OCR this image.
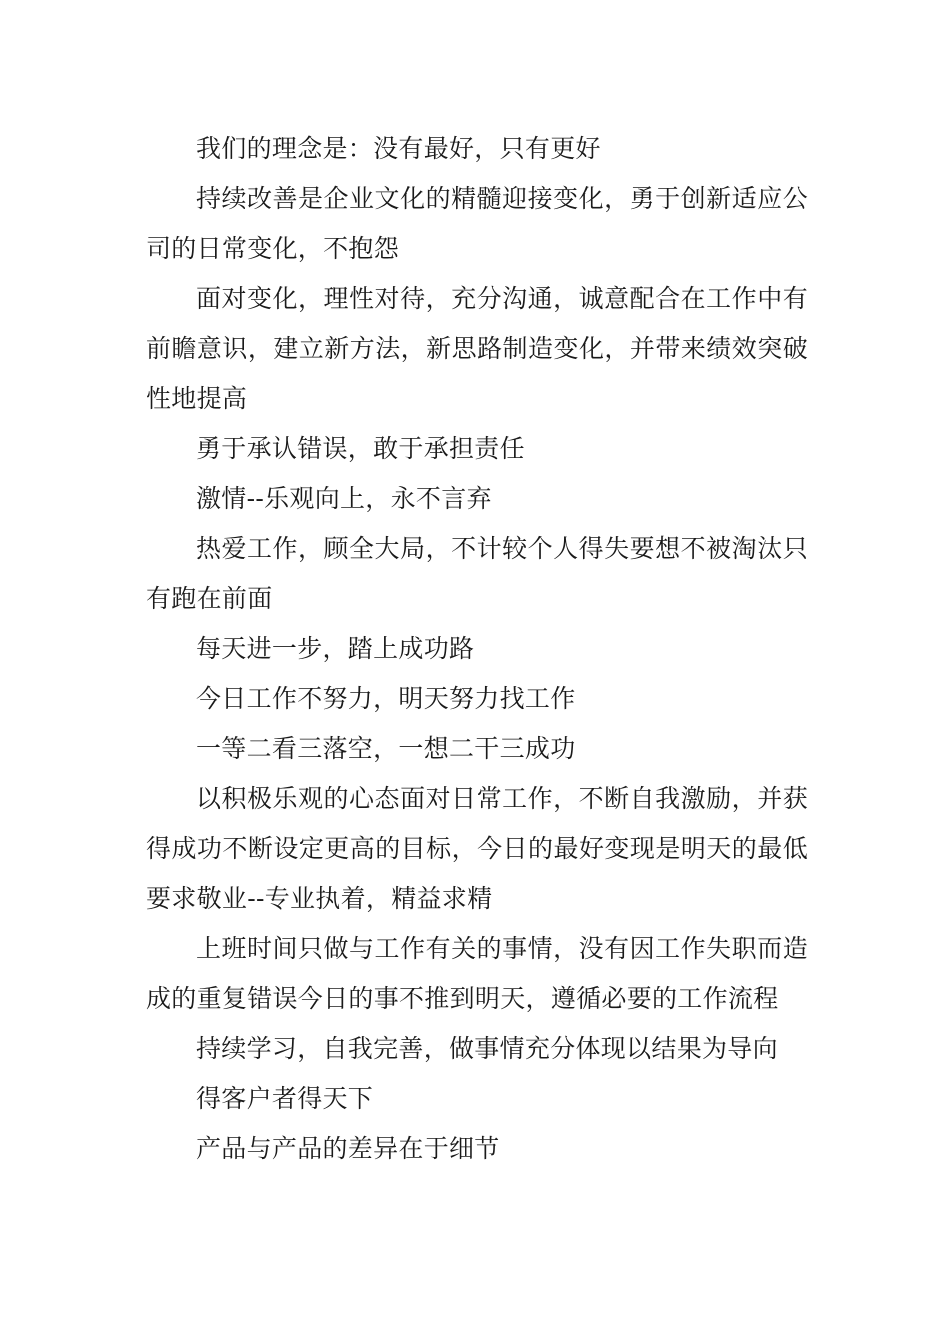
我们的理念是：没有最好，只有更好

持续改善是企业文化的精髓迎接变化，勇于创新适应公司的日常变化，不抱怨

面对变化，理性对待，充分沟通，诚意配合在工作中有前瞻意识，建立新方法，新思路制造变化，并带来绩效突破性地提高

勇于承认错误，敢于承担责任

激情--乐观向上，永不言弃

热爱工作，顾全大局，不计较个人得失要想不被淘汰只有跑在前面

每天进一步，踏上成功路

今日工作不努力，明天努力找工作

一等二看三落空，一想二干三成功

以积极乐观的心态面对日常工作，不断自我激励，并获得成功不断设定更高的目标，今日的最好变现是明天的最低要求敬业--专业执着，精益求精

上班时间只做与工作有关的事情，没有因工作失职而造成的重复错误今日的事不推到明天，遵循必要的工作流程

持续学习，自我完善，做事情充分体现以结果为导向

得客户者得天下

产品与产品的差异在于细节
